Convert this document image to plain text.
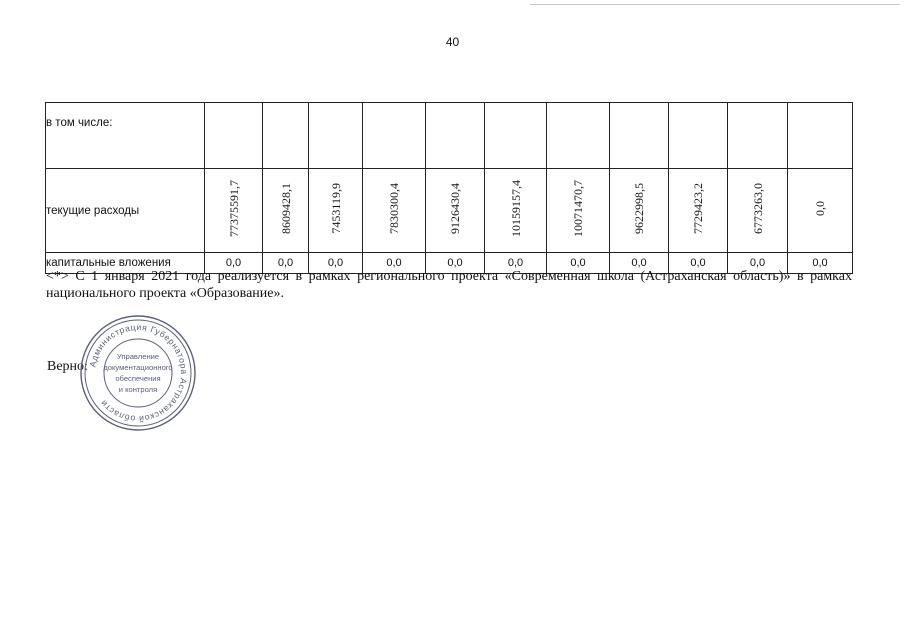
40
в том числе:											
текущие расходы	77375591,7	8609428,1	7453119,9	7830300,4	9126430,4	10159157,4	10071470,7	9622998,5	7729423,2	6773263,0	0,0
капитальные вложения	0,0	0,0	0,0	0,0	0,0	0,0	0,0	0,0	0,0	0,0	0,0

<*> С 1 января 2021 года реализуется в рамках регионального проекта «Современная школа (Астраханская область)» в рамках национального проекта «Образование».

Верно: Администрация Губернатора Астраханской области
Управление
документационного
обеспечения
и контроля
